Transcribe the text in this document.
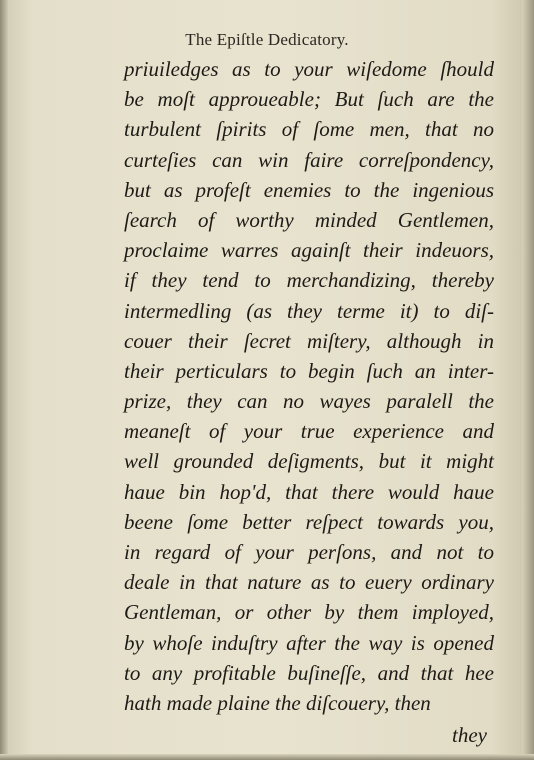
The Epiſtle Dedicatory.
priuiledges as to your wiſedome ſhould
be moſt approueable; But ſuch are the
turbulent ſpirits of ſome men, that no
curteſies can win faire correſpondency,
but as profeſt enemies to the ingenious
ſearch of worthy minded Gentlemen,
proclaime warres againſt their indeuors,
if they tend to merchandizing, thereby
intermedling (as they terme it) to diſ-
couer their ſecret miſtery, although in
their perticulars to begin ſuch an inter-
prize, they can no wayes paralell the
meaneſt of your true experience and
well grounded deſigments, but it might
haue bin hop'd, that there would haue
beene ſome better reſpect towards you,
in regard of your perſons, and not to
deale in that nature as to euery ordinary
Gentleman, or other by them imployed,
by whoſe induſtry after the way is opened
to any profitable buſineſſe, and that hee
hath made plaine the diſcouery, then
they
